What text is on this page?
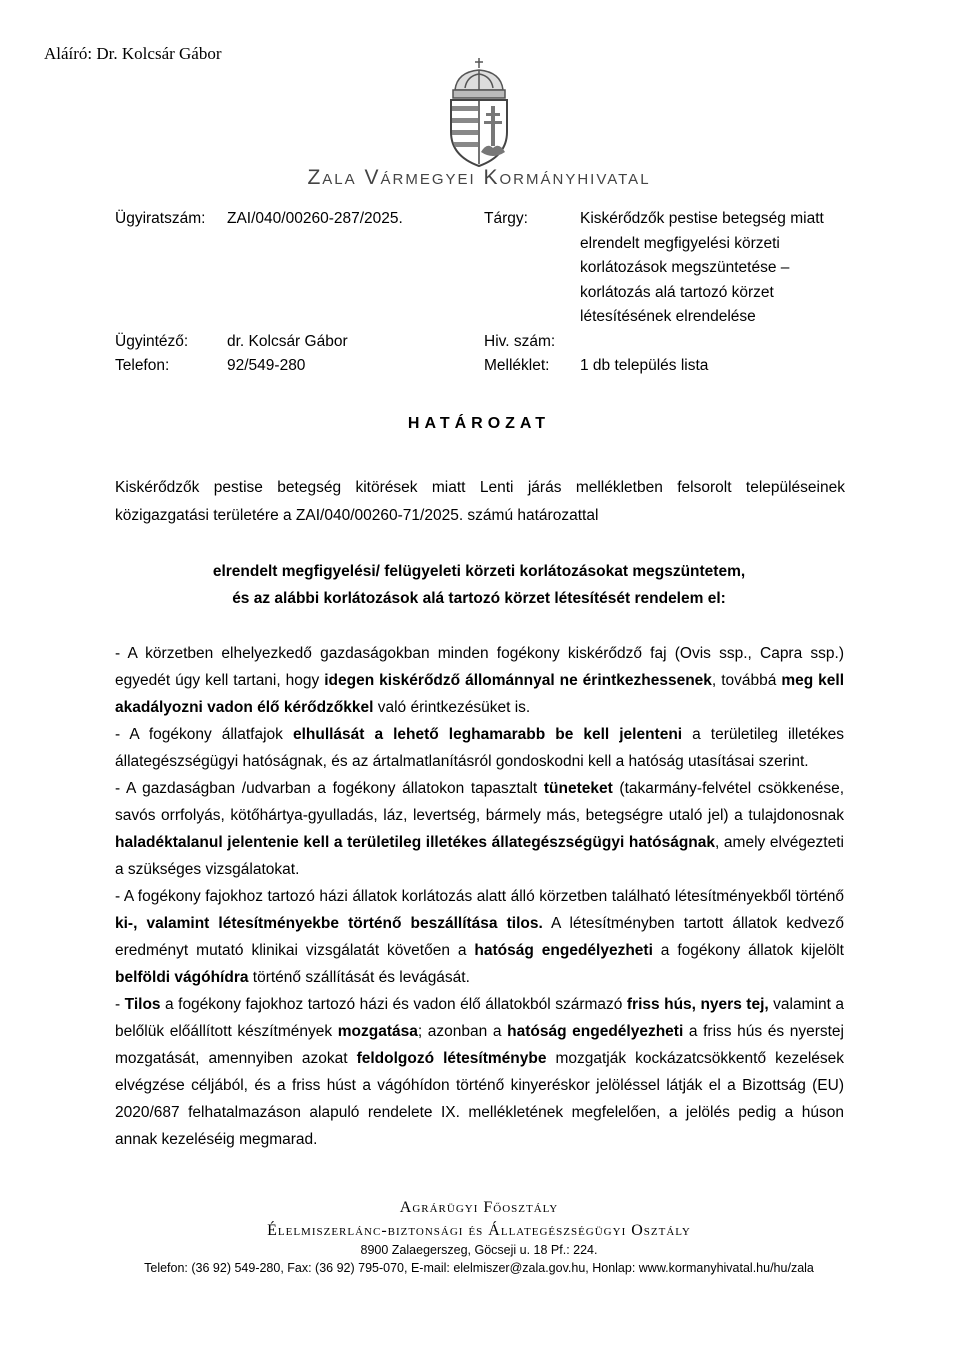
Aláíró: Dr. Kolcsár Gábor
Zala Vármegyei Kormányhivatal
Ügyiratszám: ZAI/040/00260-287/2025.	Tárgy:	Kiskérődzők pestise betegség miatt
elrendelt megfigyelési körzeti
korlátozások megszüntetése –
korlátozás alá tartozó körzet
létesítésének elrendelése
Ügyintéző:	dr. Kolcsár Gábor	Hiv. szám:
Telefon:	92/549-280	Melléklet: 1 db település lista
HATÁROZAT
Kiskérődzők pestise betegség kitörések miatt Lenti járás mellékletben felsorolt településeinek közigazgatási területére a ZAI/040/00260-71/2025. számú határozattal
elrendelt megfigyelési/ felügyeleti körzeti korlátozásokat megszüntetem,
és az alábbi korlátozások alá tartozó körzet létesítését rendelem el:

- A körzetben elhelyezkedő gazdaságokban minden fogékony kiskérődző faj (Ovis ssp., Capra ssp.) egyedét úgy kell tartani, hogy idegen kiskérődző állománnyal ne érintkezhessenek, továbbá meg kell akadályozni vadon élő kérődzőkkel való érintkezésüket is.

- A fogékony állatfajok elhullását a lehető leghamarabb be kell jelenteni a területileg illetékes állategészségügyi hatóságnak, és az ártalmatlanításról gondoskodni kell a hatóság utasításai szerint.

- A gazdaságban /udvarban a fogékony állatokon tapasztalt tüneteket (takarmány-felvétel csökkenése, savós orrfolyás, kötőhártya-gyulladás, láz, levertség, bármely más, betegségre utaló jel) a tulajdonosnak haladéktalanul jelentenie kell a területileg illetékes állategészségügyi hatóságnak, amely elvégezteti a szükséges vizsgálatokat.

- A fogékony fajokhoz tartozó házi állatok korlátozás alatt álló körzetben található létesítményekből történő ki-, valamint létesítményekbe történő beszállítása tilos. A létesítményben tartott állatok kedvező eredményt mutató klinikai vizsgálatát követően a hatóság engedélyezheti a fogékony állatok kijelölt belföldi vágóhídra történő szállítását és levágását.

- Tilos a fogékony fajokhoz tartozó házi és vadon élő állatokból származó friss hús, nyers tej, valamint a belőlük előállított készítmények mozgatása; azonban a hatóság engedélyezheti a friss hús és nyerstej mozgatását, amennyiben azokat feldolgozó létesítménybe mozgatják kockázatcsökkentő kezelések elvégzése céljából, és a friss húst a vágóhídon történő kinyeréskor jelöléssel látják el a Bizottság (EU) 2020/687 felhatalmazáson alapuló rendelete IX. mellékletének megfelelően, a jelölés pedig a húson annak kezeléséig megmarad.

Agrárügyi Főosztály
Élelmiszerlánc-biztonsági és Állategészségügyi Osztály
8900 Zalaegerszeg, Göcseji u. 18 Pf.: 224.
Telefon: (36 92) 549-280, Fax: (36 92) 795-070, E-mail: elelmiszer@zala.gov.hu, Honlap: www.kormanyhivatal.hu/hu/zala
